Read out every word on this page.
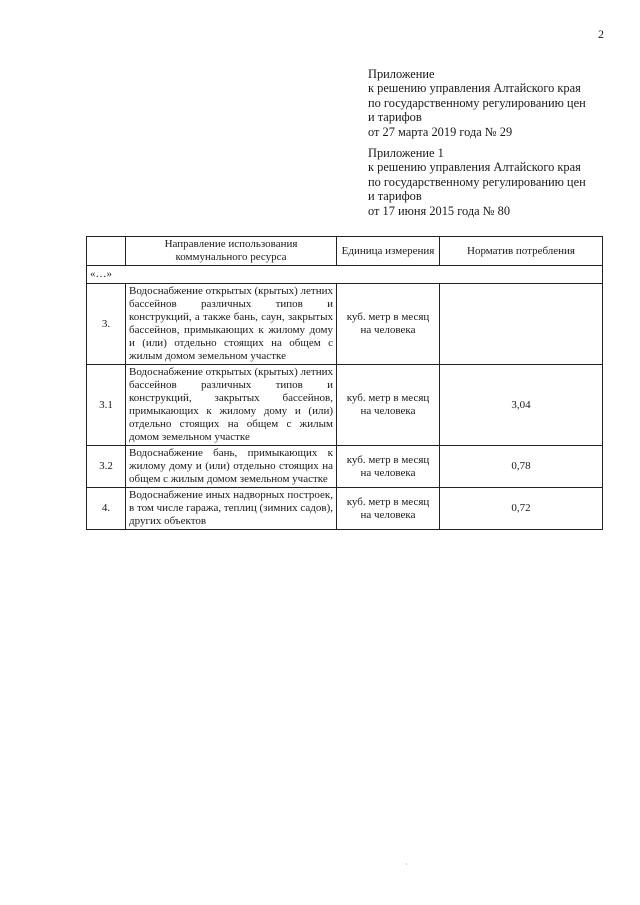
2
Приложение
к решению управления Алтайского края
по государственному регулированию цен
и тарифов
от 27 марта 2019 года № 29
Приложение 1
к решению управления Алтайского края
по государственному регулированию цен
и тарифов
от 17 июня 2015 года № 80
	Направление использования коммунального ресурса	Единица измерения	Норматив потребления
«…»			
3.	Водоснабжение открытых (крытых) летних бассейнов различных типов и конструкций, а также бань, саун, закрытых бассейнов, примыкающих к жилому дому и (или) отдельно стоящих на общем с жилым домом земельном участке	куб. метр в месяц на человека	
3.1	Водоснабжение открытых (крытых) летних бассейнов различных типов и конструкций, закрытых бассейнов, примыкающих к жилому дому и (или) отдельно стоящих на общем с жилым домом земельном участке	куб. метр в месяц на человека	3,04
3.2	Водоснабжение бань, примыкающих к жилому дому и (или) отдельно стоящих на общем с жилым домом земельном участке	куб. метр в месяц на человека	0,78
4.	Водоснабжение иных надворных построек, в том числе гаража, теплиц (зимних садов), других объектов	куб. метр в месяц на человека	0,72
·
